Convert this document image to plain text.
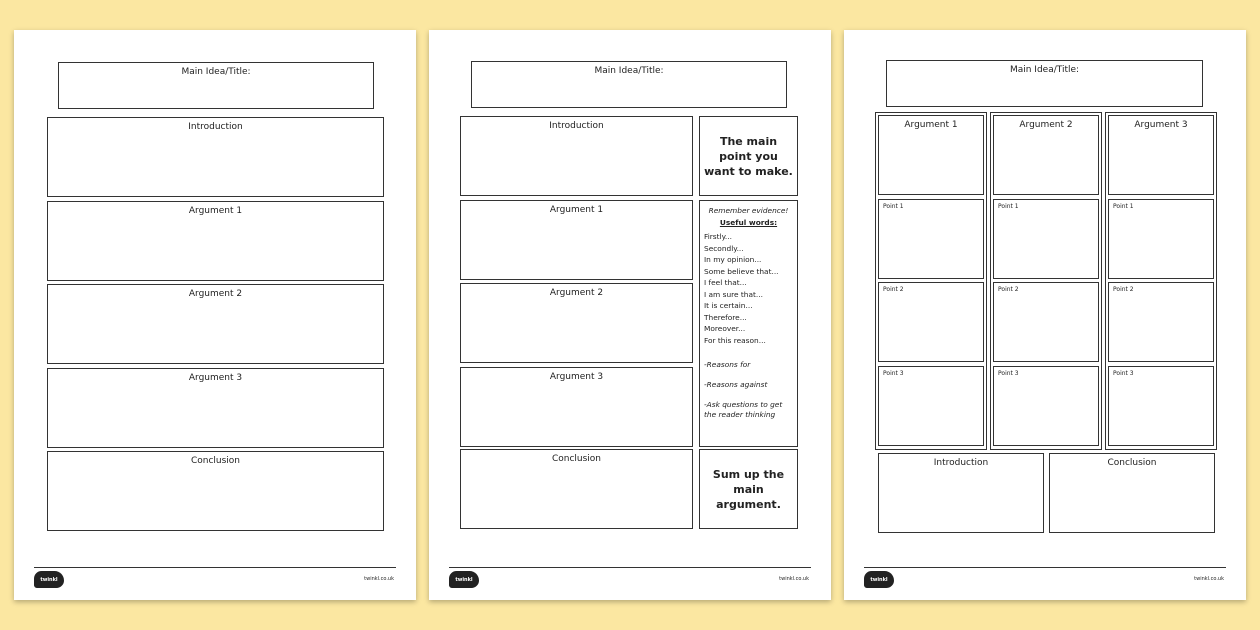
Main Idea/Title:
Introduction
Argument 1
Argument 2
Argument 3
Conclusion
twinkl	twinkl.co.uk
Main Idea/Title:
Introduction
Argument 1
Argument 2
Argument 3
Conclusion
The main point you want to make.
Remember evidence!
Useful words:
Firstly...
Secondly...
In my opinion...
Some believe that...
I feel that...
I am sure that...
It is certain...
Therefore...
Moreover...
For this reason...
-Reasons for
-Reasons against
-Ask questions to get the reader thinking
Sum up the main argument.
twinkl	twinkl.co.uk
Main Idea/Title:
Argument 1
Point 1
Point 2
Point 3
Argument 2
Point 1
Point 2
Point 3
Argument 3
Point 1
Point 2
Point 3
Introduction	Conclusion
twinkl	twinkl.co.uk
